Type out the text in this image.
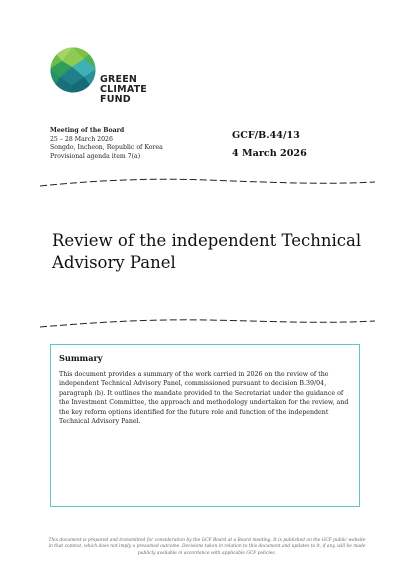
GREEN
CLIMATE
FUND
Meeting of the Board
25 – 28 March 2026
Songdo, Incheon, Republic of Korea
Provisional agenda item 7(a)
GCF/B.44/13
4 March 2026
Review of the independent Technical Advisory Panel
Summary

This document provides a summary of the work carried in 2026 on the review of the independent Technical Advisory Panel, commissioned pursuant to decision B.39/04, paragraph (b). It outlines the mandate provided to the Secretariat under the guidance of the Investment Committee, the approach and methodology undertaken for the review, and the key reform options identified for the future role and function of the independent Technical Advisory Panel.

This document is prepared and transmitted for consideration by the GCF Board at a Board meeting. It is published on the GCF public website in that context, which does not imply a presumed outcome. Decisions taken in relation to this document and updates to it, if any, will be made publicly available in accordance with applicable GCF policies.
